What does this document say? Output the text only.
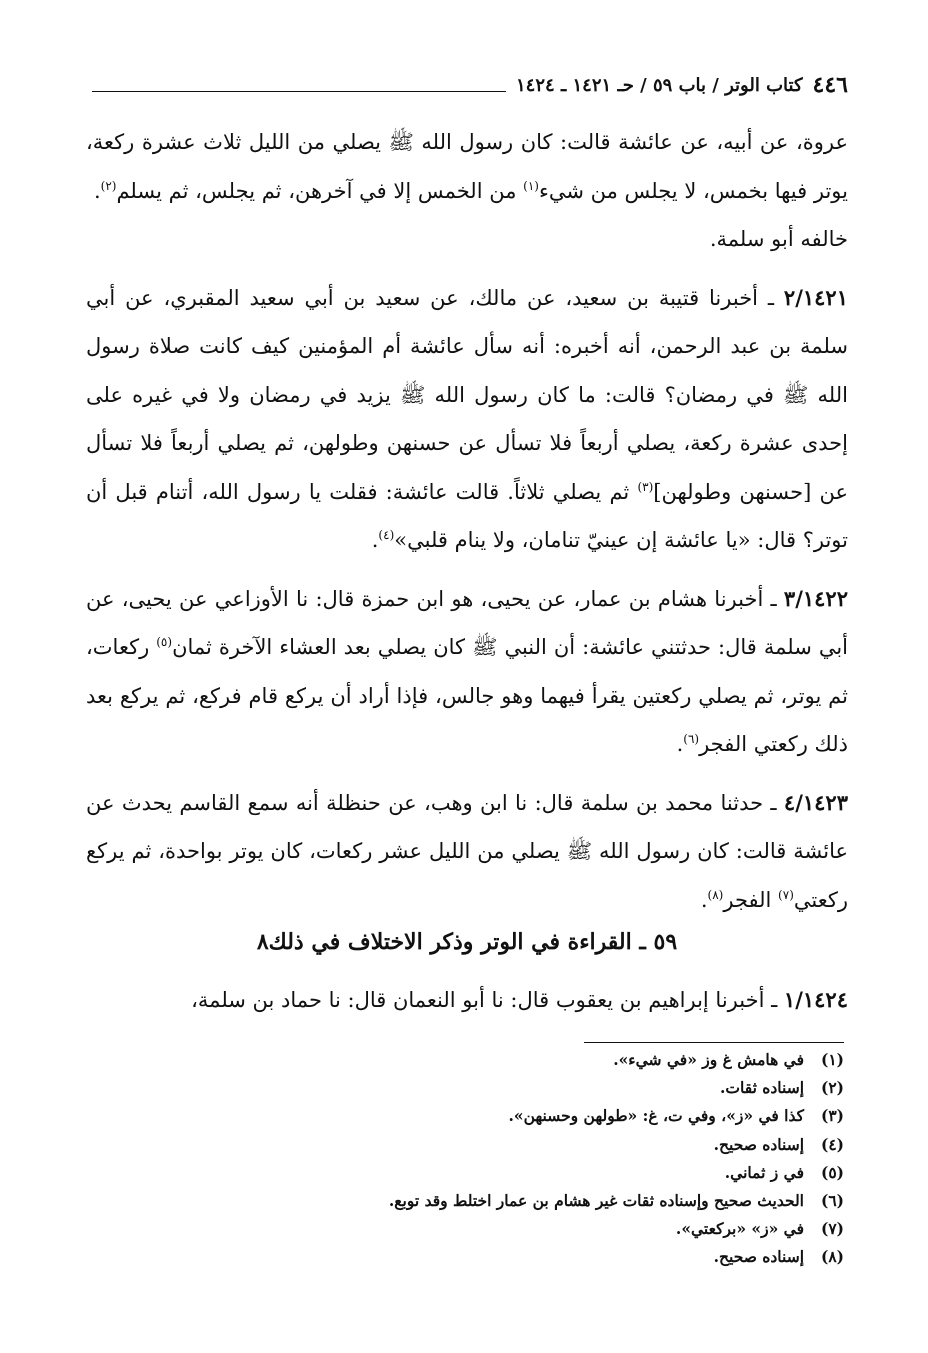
٤٤٦
كتاب الوتر / باب ٥٩ / حـ ١٤٢١ ـ ١٤٢٤

عروة، عن أبيه، عن عائشة قالت: كان رسول الله ﷺ يصلي من الليل ثلاث عشرة ركعة، يوتر فيها بخمس، لا يجلس من شيء$^{(١)}$ من الخمس إلا في آخرهن، ثم يجلس، ثم يسلم$^{(٢)}$.

خالفه أبو سلمة.

٢/١٤٢١ ـ أخبرنا قتيبة بن سعيد، عن مالك، عن سعيد بن أبي سعيد المقبري، عن أبي سلمة بن عبد الرحمن، أنه أخبره: أنه سأل عائشة أم المؤمنين كيف كانت صلاة رسول الله ﷺ في رمضان؟ قالت: ما كان رسول الله ﷺ يزيد في رمضان ولا في غيره على إحدى عشرة ركعة، يصلي أربعاً فلا تسأل عن حسنهن وطولهن، ثم يصلي أربعاً فلا تسأل عن [حسنهن وطولهن]$^{(٣)}$ ثم يصلي ثلاثاً. قالت عائشة: فقلت يا رسول الله، أتنام قبل أن توتر؟ قال: «يا عائشة إن عينيّ تنامان، ولا ينام قلبي»$^{(٤)}$.

٣/١٤٢٢ ـ أخبرنا هشام بن عمار، عن يحيى، هو ابن حمزة قال: نا الأوزاعي عن يحيى، عن أبي سلمة قال: حدثتني عائشة: أن النبي ﷺ كان يصلي بعد العشاء الآخرة ثمان$^{(٥)}$ ركعات، ثم يوتر، ثم يصلي ركعتين يقرأ فيهما وهو جالس، فإذا أراد أن يركع قام فركع، ثم يركع بعد ذلك ركعتي الفجر$^{(٦)}$.

٤/١٤٢٣ ـ حدثنا محمد بن سلمة قال: نا ابن وهب، عن حنظلة أنه سمع القاسم يحدث عن عائشة قالت: كان رسول الله ﷺ يصلي من الليل عشر ركعات، كان يوتر بواحدة، ثم يركع ركعتي$^{(٧)}$ الفجر$^{(٨)}$.

٥٩ ـ القراءة في الوتر وذكر الاختلاف في ذلك٨
١/١٤٢٤ ـ أخبرنا إبراهيم بن يعقوب قال: نا أبو النعمان قال: نا حماد بن سلمة،
(١)
في هامش غ وز «في شيء».
(٢)
إسناده ثقات.
(٣)
كذا في «ز»، وفي ت، غ: «طولهن وحسنهن».
(٤)
إسناده صحيح.
(٥)
في ز ثماني.
(٦)
الحديث صحيح وإسناده ثقات غير هشام بن عمار اختلط وقد توبع.
(٧)
في «ز» «بركعتي».
(٨)
إسناده صحيح.
